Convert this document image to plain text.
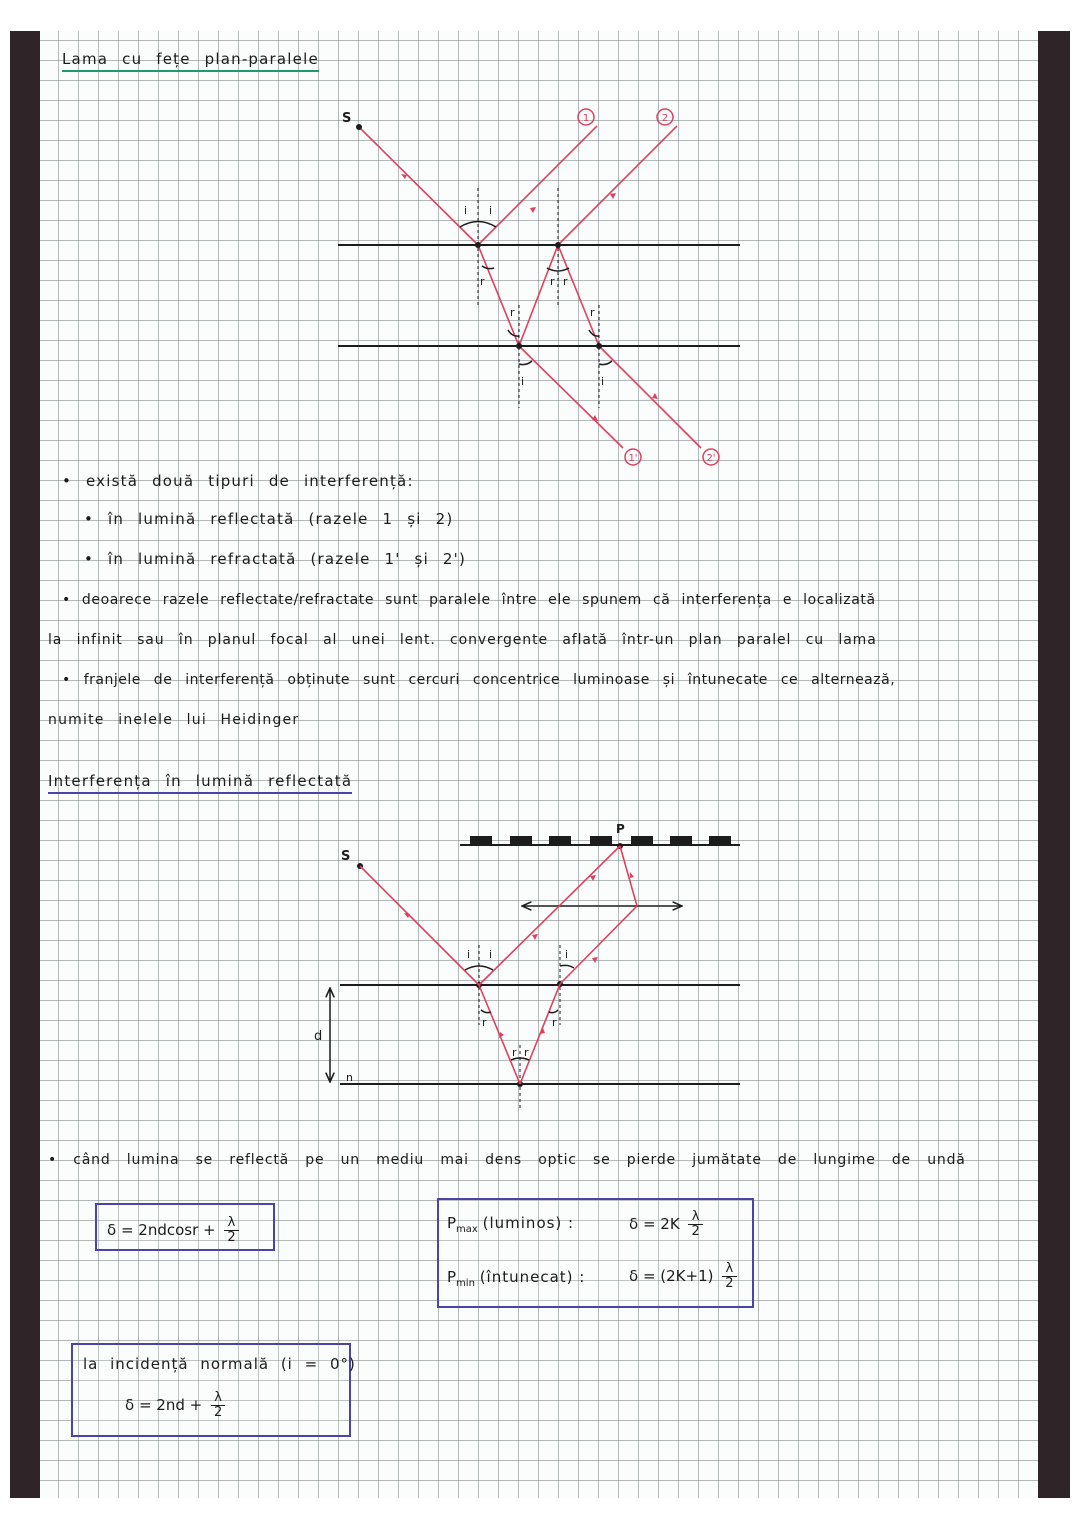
Lama cu fețe plan-paralele
S
i i
r	r r
r	r
i	i
1	2
1'	2'
S
P
d
n
i i	i
r	r
r r
• există două tipuri de interferență:
• în lumină reflectată (razele 1 și 2)
• în lumină refractată (razele 1' și 2')
• deoarece razele reflectate/refractate sunt paralele între ele spunem că interferența e localizată
la infinit sau în planul focal al unei lent. convergente aflată într-un plan paralel cu lama
• franjele de interferență obținute sunt cercuri concentrice luminoase și întunecate ce alternează,
numite inelele lui Heidinger
Interferența în lumină reflectată
• când lumina se reflectă pe un mediu mai dens optic se pierde jumătate de lungime de undă
$\delta = 2ndcosr + \frac{\lambda}{2}$	$P_{max}$ (luminos) :	$\delta = 2K \frac{\lambda}{2}$
$P_{min}$ (întunecat) :	$\delta = (2K+1) \frac{\lambda}{2}$
la incidență normală (i = 0°)
$\delta = 2nd + \frac{\lambda}{2}$
